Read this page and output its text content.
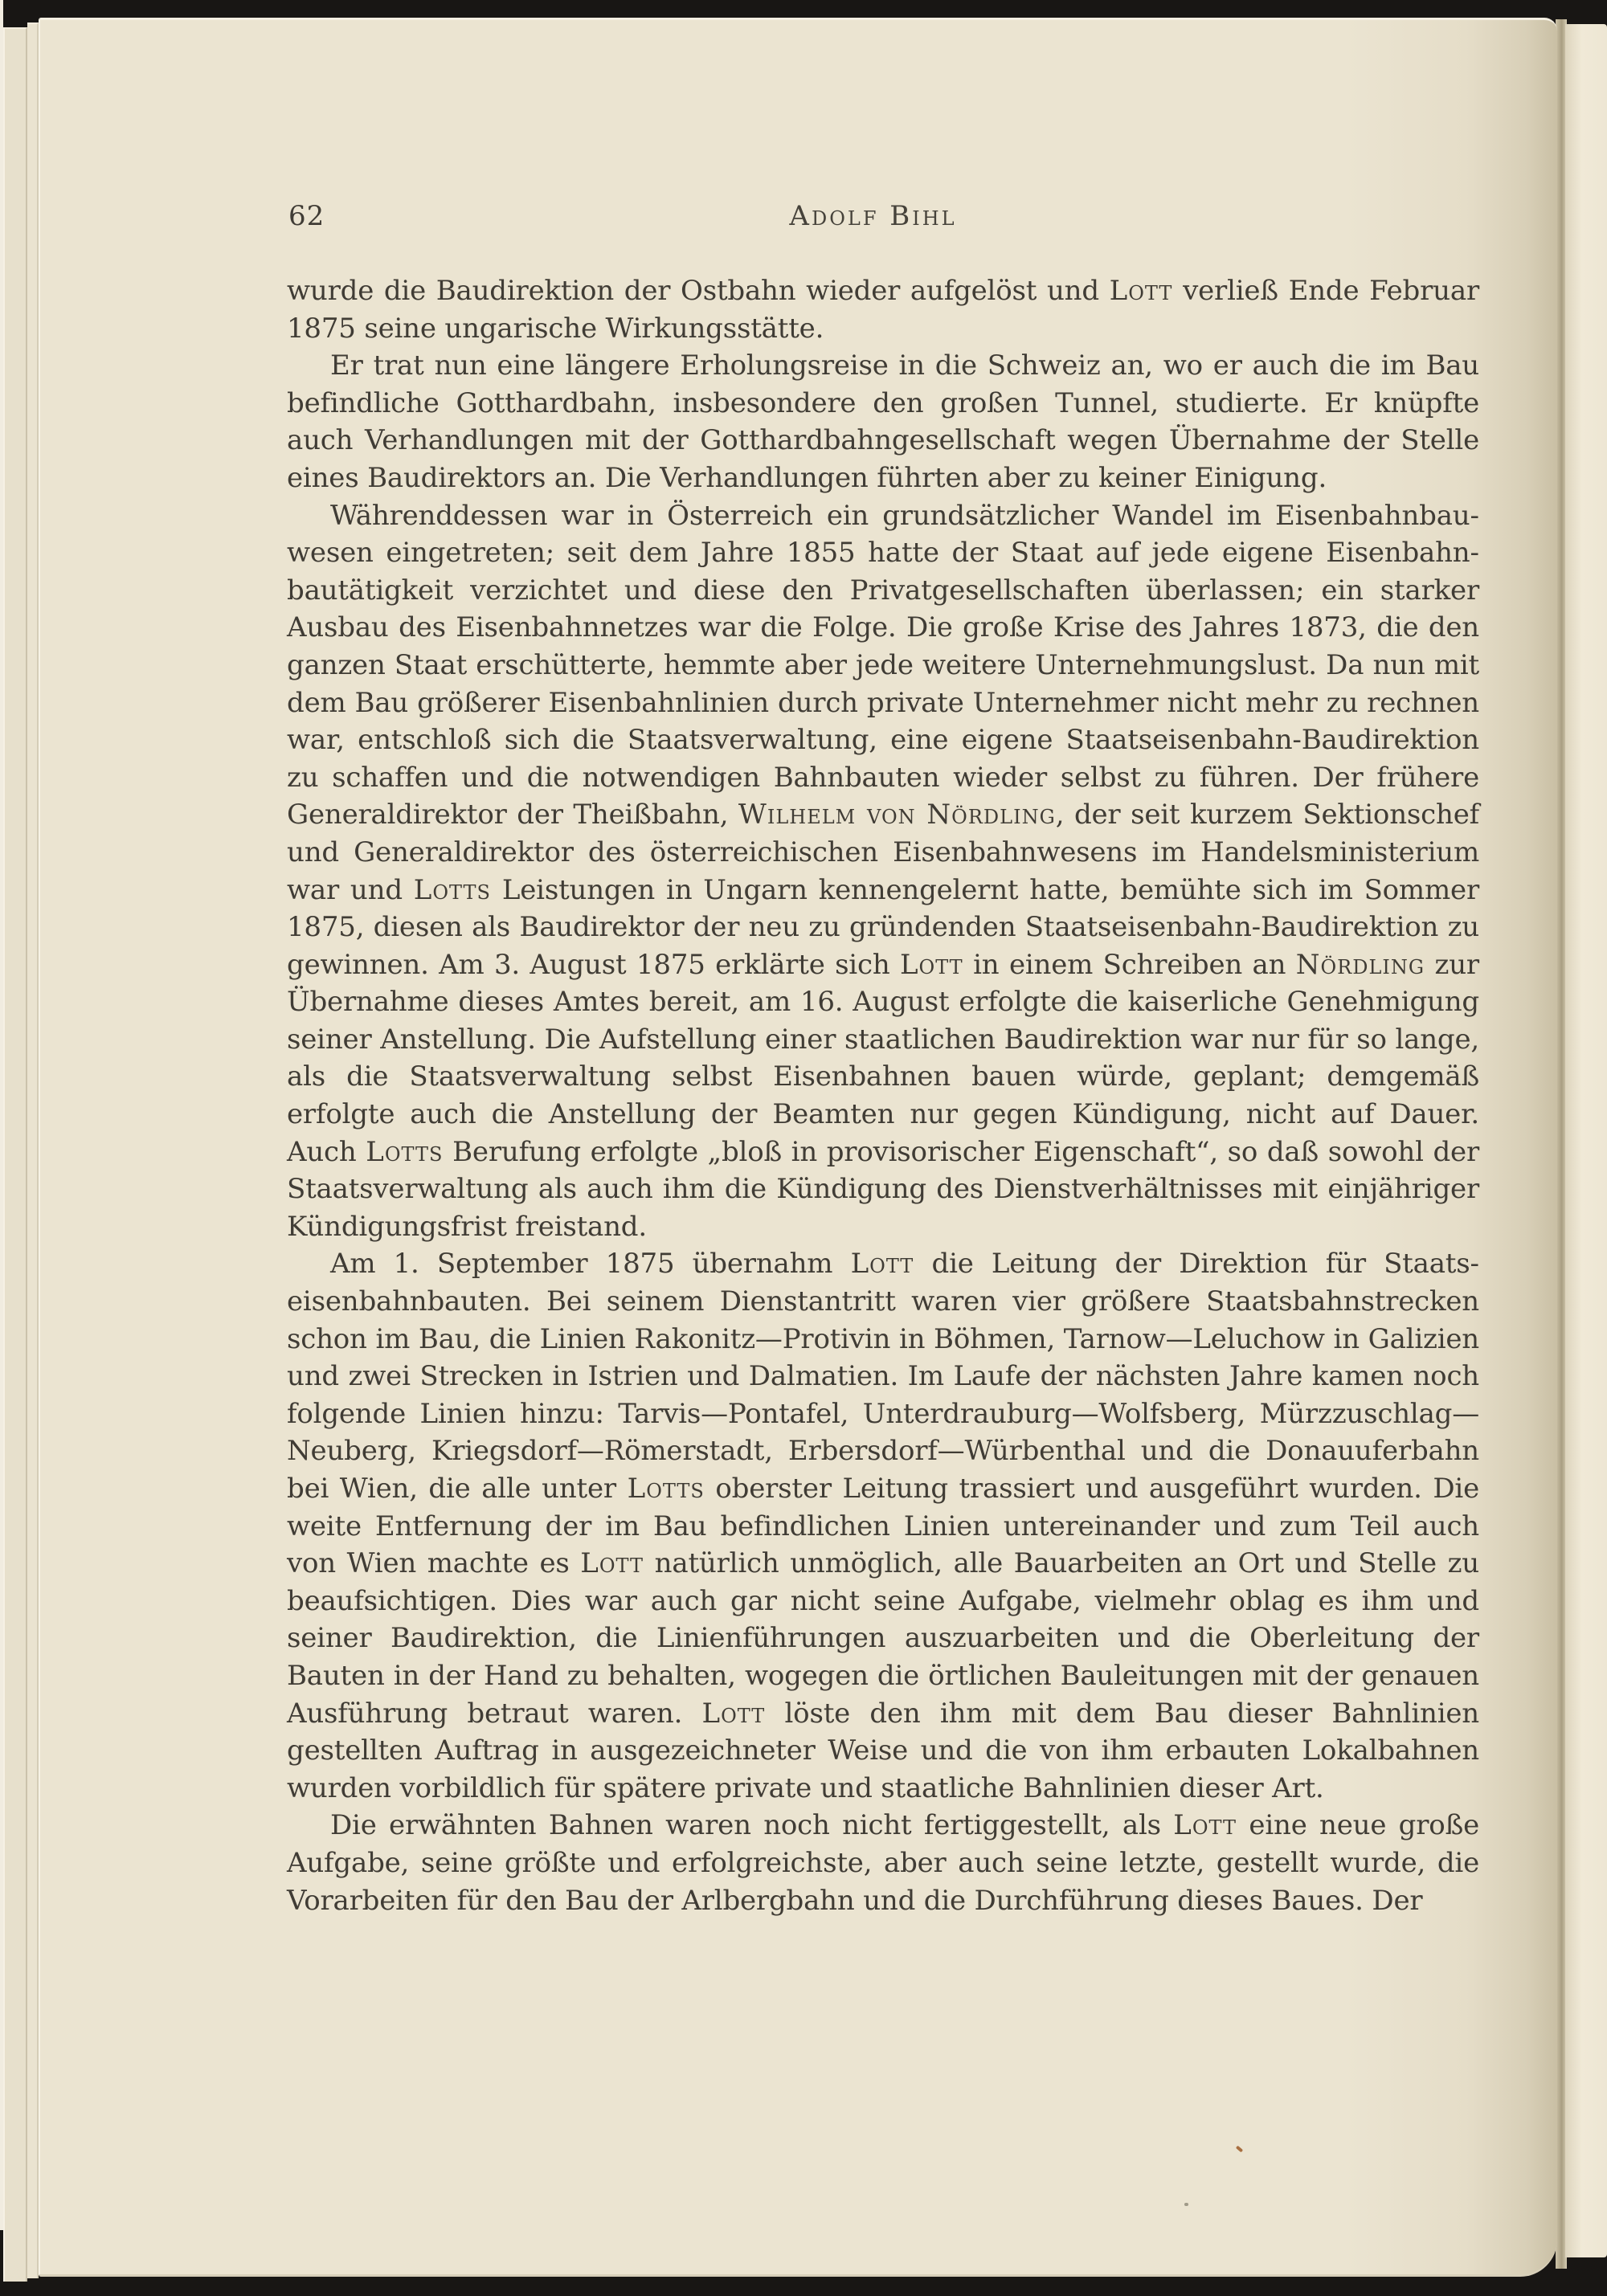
62	Adolf Bihl

wurde die Baudirektion der Ostbahn wieder aufgelöst und Lott verließ Ende Februar 1875 seine ungarische Wirkungsstätte.

Er trat nun eine längere Erholungsreise in die Schweiz an, wo er auch die im Bau befindliche Gotthardbahn, insbesondere den großen Tunnel, studierte. Er knüpfte auch Verhandlungen mit der Gotthardbahngesellschaft wegen Übernahme der Stelle eines Baudirektors an. Die Verhandlungen führten aber zu keiner Einigung.

Währenddessen war in Österreich ein grundsätzlicher Wandel im Eisenbahnbauwesen eingetreten; seit dem Jahre 1855 hatte der Staat auf jede eigene Eisenbahnbautätigkeit verzichtet und diese den Privatgesellschaften überlassen; ein starker Ausbau des Eisenbahnnetzes war die Folge. Die große Krise des Jahres 1873, die den ganzen Staat erschütterte, hemmte aber jede weitere Unternehmungslust. Da nun mit dem Bau größerer Eisenbahnlinien durch private Unternehmer nicht mehr zu rechnen war, entschloß sich die Staatsverwaltung, eine eigene Staatseisenbahn-Baudirektion zu schaffen und die notwendigen Bahnbauten wieder selbst zu führen. Der frühere Generaldirektor der Theißbahn, Wilhelm von Nördling, der seit kurzem Sektionschef und Generaldirektor des österreichischen Eisenbahnwesens im Handelsministerium war und Lotts Leistungen in Ungarn kennengelernt hatte, bemühte sich im Sommer 1875, diesen als Baudirektor der neu zu gründenden Staatseisenbahn-Baudirektion zu gewinnen. Am 3. August 1875 erklärte sich Lott in einem Schreiben an Nördling zur Übernahme dieses Amtes bereit, am 16. August erfolgte die kaiserliche Genehmigung seiner Anstellung. Die Aufstellung einer staatlichen Baudirektion war nur für so lange, als die Staatsverwaltung selbst Eisenbahnen bauen würde, geplant; demgemäß erfolgte auch die Anstellung der Beamten nur gegen Kündigung, nicht auf Dauer. Auch Lotts Berufung erfolgte „bloß in provisorischer Eigenschaft“, so daß sowohl der Staatsverwaltung als auch ihm die Kündigung des Dienstverhältnisses mit einjähriger Kündigungsfrist freistand.

Am 1. September 1875 übernahm Lott die Leitung der Direktion für Staatseisenbahnbauten. Bei seinem Dienstantritt waren vier größere Staatsbahnstrecken schon im Bau, die Linien Rakonitz—Protivin in Böhmen, Tarnow—Leluchow in Galizien und zwei Strecken in Istrien und Dalmatien. Im Laufe der nächsten Jahre kamen noch folgende Linien hinzu: Tarvis—Pontafel, Unterdrauburg—Wolfsberg, Mürzzuschlag—Neuberg, Kriegsdorf—Römerstadt, Erbersdorf—Würbenthal und die Donauuferbahn bei Wien, die alle unter Lotts oberster Leitung trassiert und ausgeführt wurden. Die weite Entfernung der im Bau befindlichen Linien untereinander und zum Teil auch von Wien machte es Lott natürlich unmöglich, alle Bauarbeiten an Ort und Stelle zu beaufsichtigen. Dies war auch gar nicht seine Aufgabe, vielmehr oblag es ihm und seiner Baudirektion, die Linienführungen auszuarbeiten und die Oberleitung der Bauten in der Hand zu behalten, wogegen die örtlichen Bauleitungen mit der genauen Ausführung betraut waren. Lott löste den ihm mit dem Bau dieser Bahnlinien gestellten Auftrag in ausgezeichneter Weise und die von ihm erbauten Lokalbahnen wurden vorbildlich für spätere private und staatliche Bahnlinien dieser Art.

Die erwähnten Bahnen waren noch nicht fertiggestellt, als Lott eine neue große Aufgabe, seine größte und erfolgreichste, aber auch seine letzte, gestellt wurde, die Vorarbeiten für den Bau der Arlbergbahn und die Durchführung dieses Baues. Der
